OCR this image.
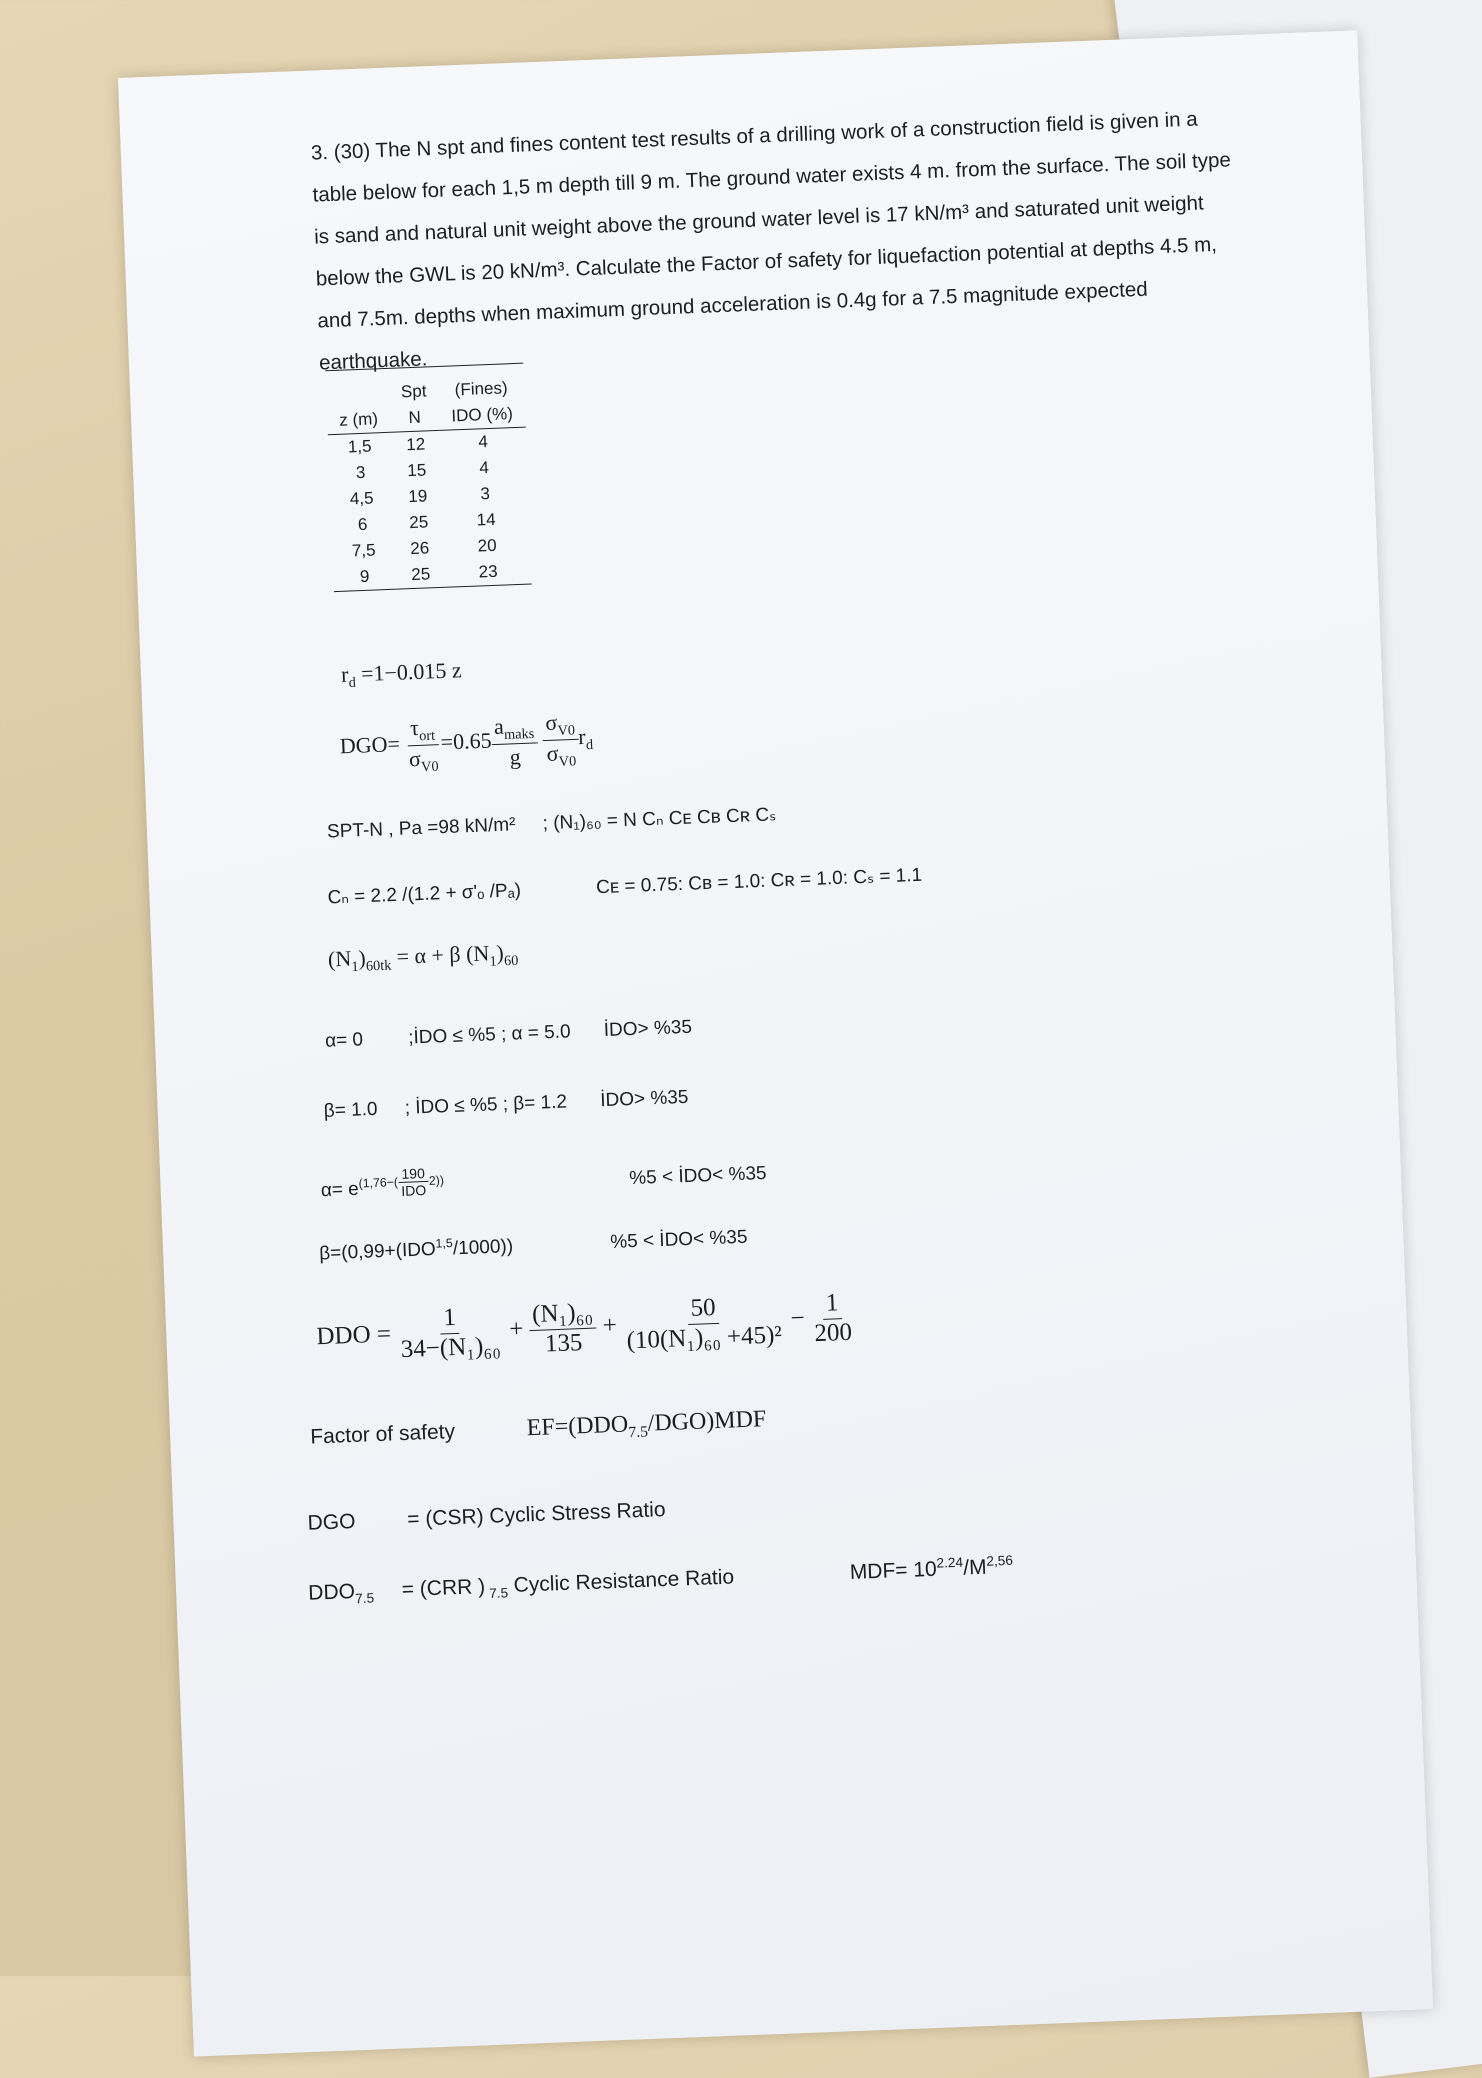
3. (30) The N spt and fines content test results of a drilling work of a construction field is given in a

table below for each 1,5 m depth till 9 m. The ground water exists 4 m. from the surface. The soil type

is sand and natural unit weight above the ground water level is 17 kN/m³ and saturated unit weight

below the GWL is 20 kN/m³. Calculate the Factor of safety for liquefaction potential at depths 4.5 m,

and 7.5m. depths when maximum ground acceleration is 0.4g for a 7.5 magnitude expected

earthquake.

	Spt	(Fines)
z (m)	N	IDO (%)
1,5	12	4
3	15	4
4,5	19	3
6	25	14
7,5	26	20
9	25	23
$r_d =1-0.015$ z
$DGO= \frac{\tau_{ort}}{\sigma_{V0}}$
=0.65
$\frac{a_{maks}}{g}$
$\frac{\sigma_{V0}}{\sigma_{V0}}$
$r_d$
SPT-N , Pa =98 kN/m² ; (N₁)₆₀ = N Cₙ Cᴇ Cʙ Cʀ Cₛ
Cₙ = 2.2 /(1.2 + σ'ₒ /Pₐ)	Cᴇ = 0.75: Cʙ = 1.0: Cʀ = 1.0: Cₛ = 1.1
$(N_1)_{60tk} = \alpha + \beta$ $(N_1)_{60}$
α= 0 ;İDO ≤ %5 ; α = 5.0 İDO> %35
β= 1.0 ; İDO ≤ %5 ; β= 1.2 İDO> %35
$\alpha= e^{(1,76-( \frac{190}{\text{IDO}} 2))}$	%5 < İDO< %35
β=(0,99+(IDO$^{1,5}$/1000))	%5 < İDO< %35
DDO = $\frac{1}{\text{34−(N₁)₆₀}} + \frac{\text{(N₁)₆₀}}{135} + \frac{50}{\text{(10(N₁)₆₀ +45)²}} - \frac{1}{200}$
Factor of safety	$EF=(DDO_{7.5}/DGO)MDF$
DGO = (CSR) Cyclic Stress Ratio
$DDO_{7.5} = (CRR$ ) $_{7.5}$ Cyclic Resistance Ratio	$MDF= 10^{2.24}/M^{2,56}$
